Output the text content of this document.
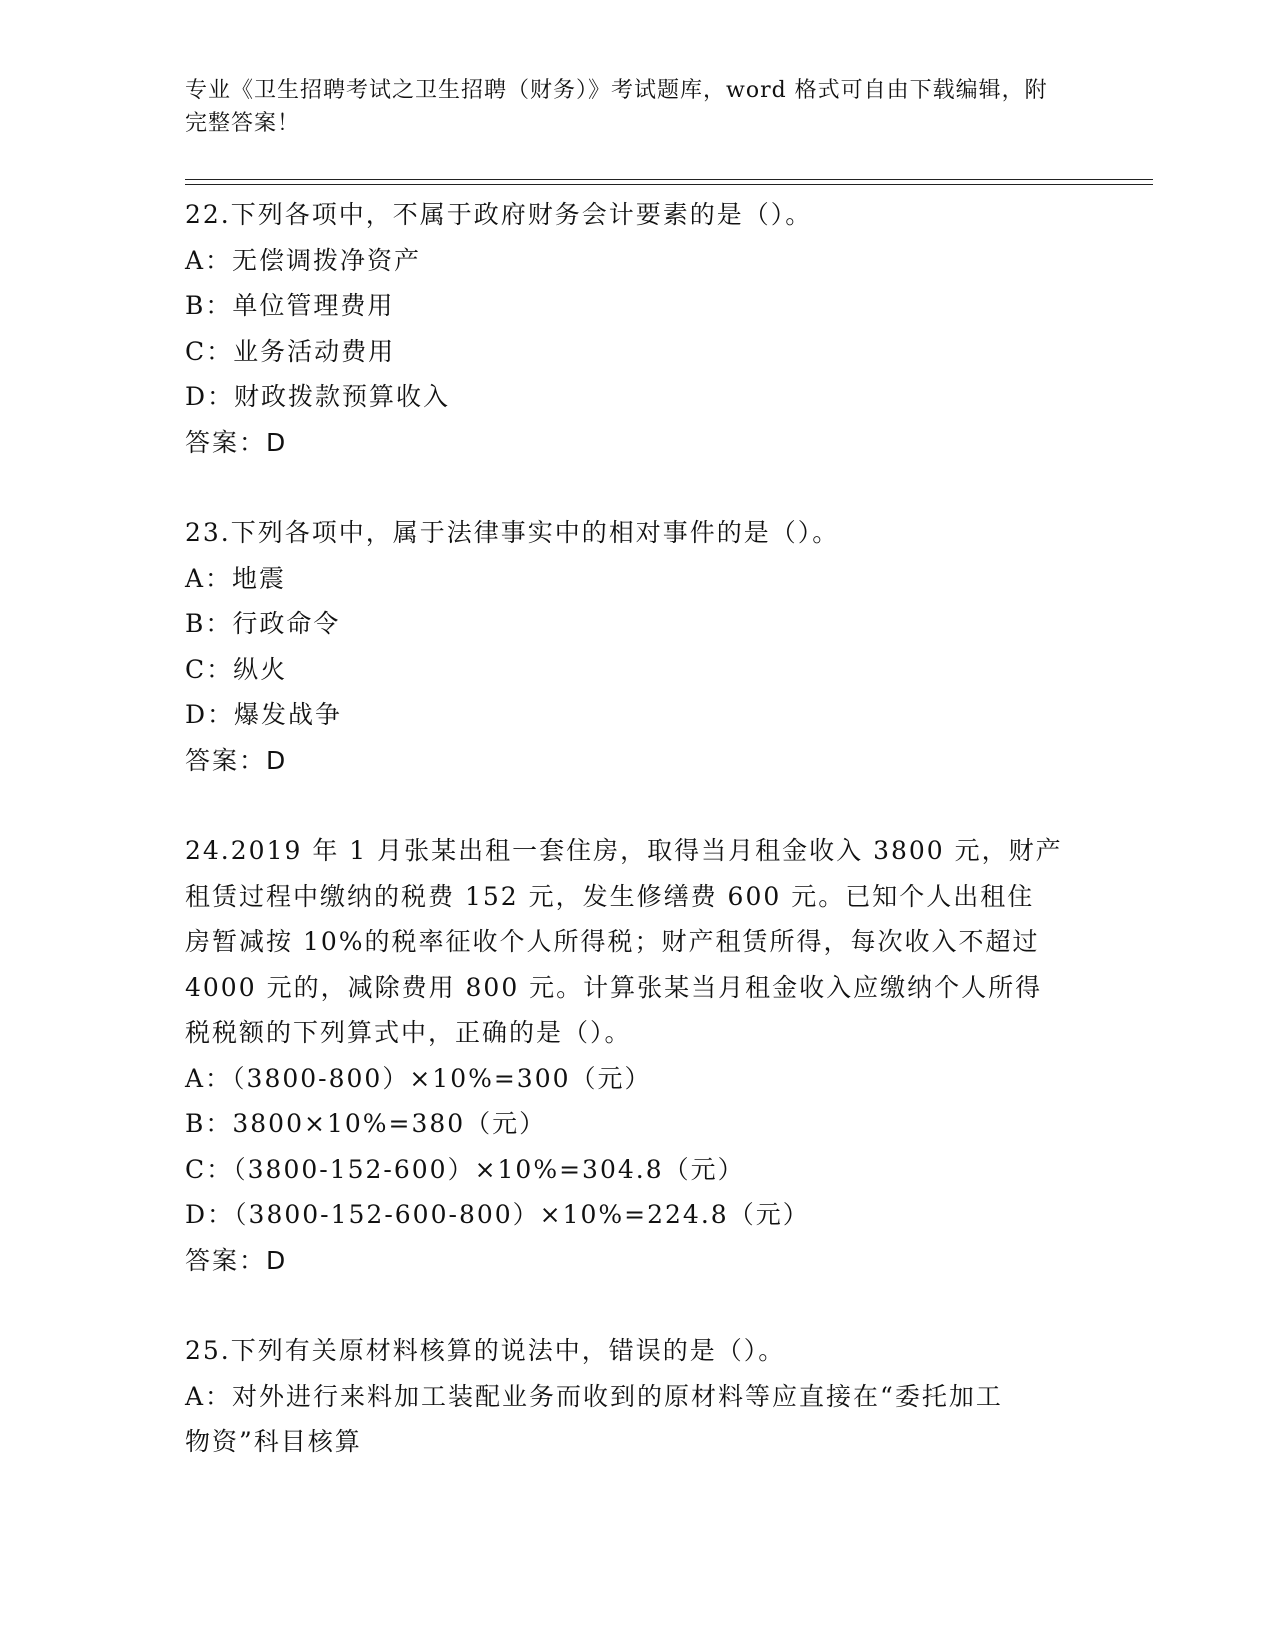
专业《卫生招聘考试之卫生招聘（财务）》考试题库，word 格式可自由下载编辑，附完整答案！
22.下列各项中，不属于政府财务会计要素的是（）。
A：无偿调拨净资产
B：单位管理费用
C：业务活动费用
D：财政拨款预算收入
答案：D
23.下列各项中，属于法律事实中的相对事件的是（）。
A：地震
B：行政命令
C：纵火
D：爆发战争
答案：D
24.2019 年 1 月张某出租一套住房，取得当月租金收入 3800 元，财产
租赁过程中缴纳的税费 152 元，发生修缮费 600 元。已知个人出租住
房暂减按 10%的税率征收个人所得税；财产租赁所得，每次收入不超过
4000 元的，减除费用 800 元。计算张某当月租金收入应缴纳个人所得
税税额的下列算式中，正确的是（）。
A：（3800-800）×10%=300（元）
B：3800×10%=380（元）
C：（3800-152-600）×10%=304.8（元）
D：（3800-152-600-800）×10%=224.8（元）
答案：D
25.下列有关原材料核算的说法中，错误的是（）。
A：对外进行来料加工装配业务而收到的原材料等应直接在“委托加工
物资”科目核算
